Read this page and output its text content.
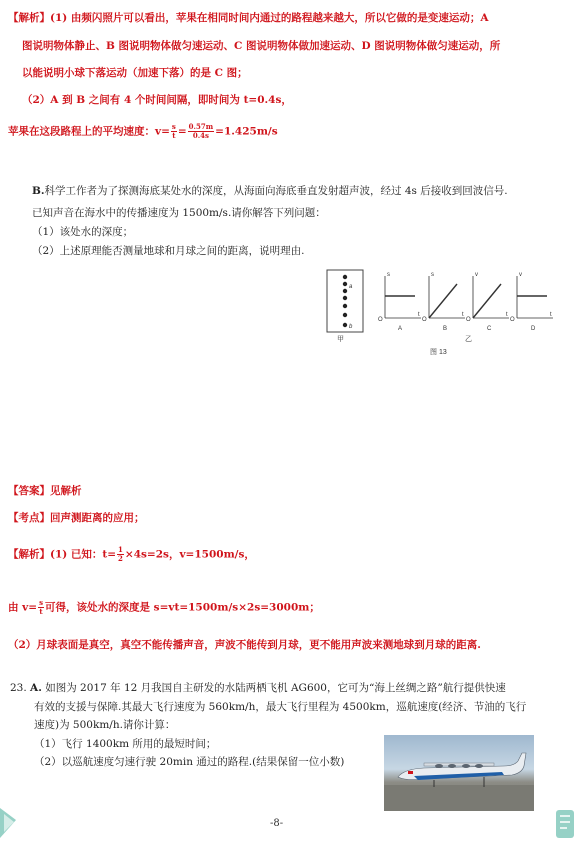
【解析】(1) 由频闪照片可以看出，苹果在相同时间内通过的路程越来越大，所以它做的是变速运动；A
图说明物体静止、B 图说明物体做匀速运动、C 图说明物体做加速运动、D 图说明物体做匀速运动，所
以能说明小球下落运动（加速下落）的是 C 图；
（2）A 到 B 之间有 4 个时间间隔，即时间为 t=0.4s，
苹果在这段路程上的平均速度：$v= \frac{s}{t} = \frac{0.57m}{0.4s} =1.425m/s$
B.科学工作者为了探测海底某处水的深度，从海面向海底垂直发射超声波，经过 4s 后接收到回波信号.
已知声音在海水中的传播速度为 1500m/s.请你解答下列问题：
（1）该处水的深度；
（2）上述原理能否测量地球和月球之间的距离，说明理由.
a
b
甲
s
t
O
A
s
t
O
B
v
t
O
C
v
t
O
D
乙
图 13
【答案】见解析
【考点】回声测距离的应用；
【解析】(1) 已知：$t= \frac{1}{2} \times 4s=2s$，v=1500m/s，
由 $v= \frac{s}{t}$ 可得，该处水的深度是 s=vt=1500m/s×2s=3000m；
（2）月球表面是真空，真空不能传播声音，声波不能传到月球，更不能用声波来测地球到月球的距离.
23. A. 如图为 2017 年 12 月我国自主研发的水陆两栖飞机 AG600，它可为“海上丝绸之路”航行提供快速
有效的支援与保障.其最大飞行速度为 560km/h，最大飞行里程为 4500km，巡航速度(经济、节油的飞行
速度)为 500km/h.请你计算：
（1）飞行 1400km 所用的最短时间；
（2）以巡航速度匀速行驶 20min 通过的路程.(结果保留一位小数)
-8-
